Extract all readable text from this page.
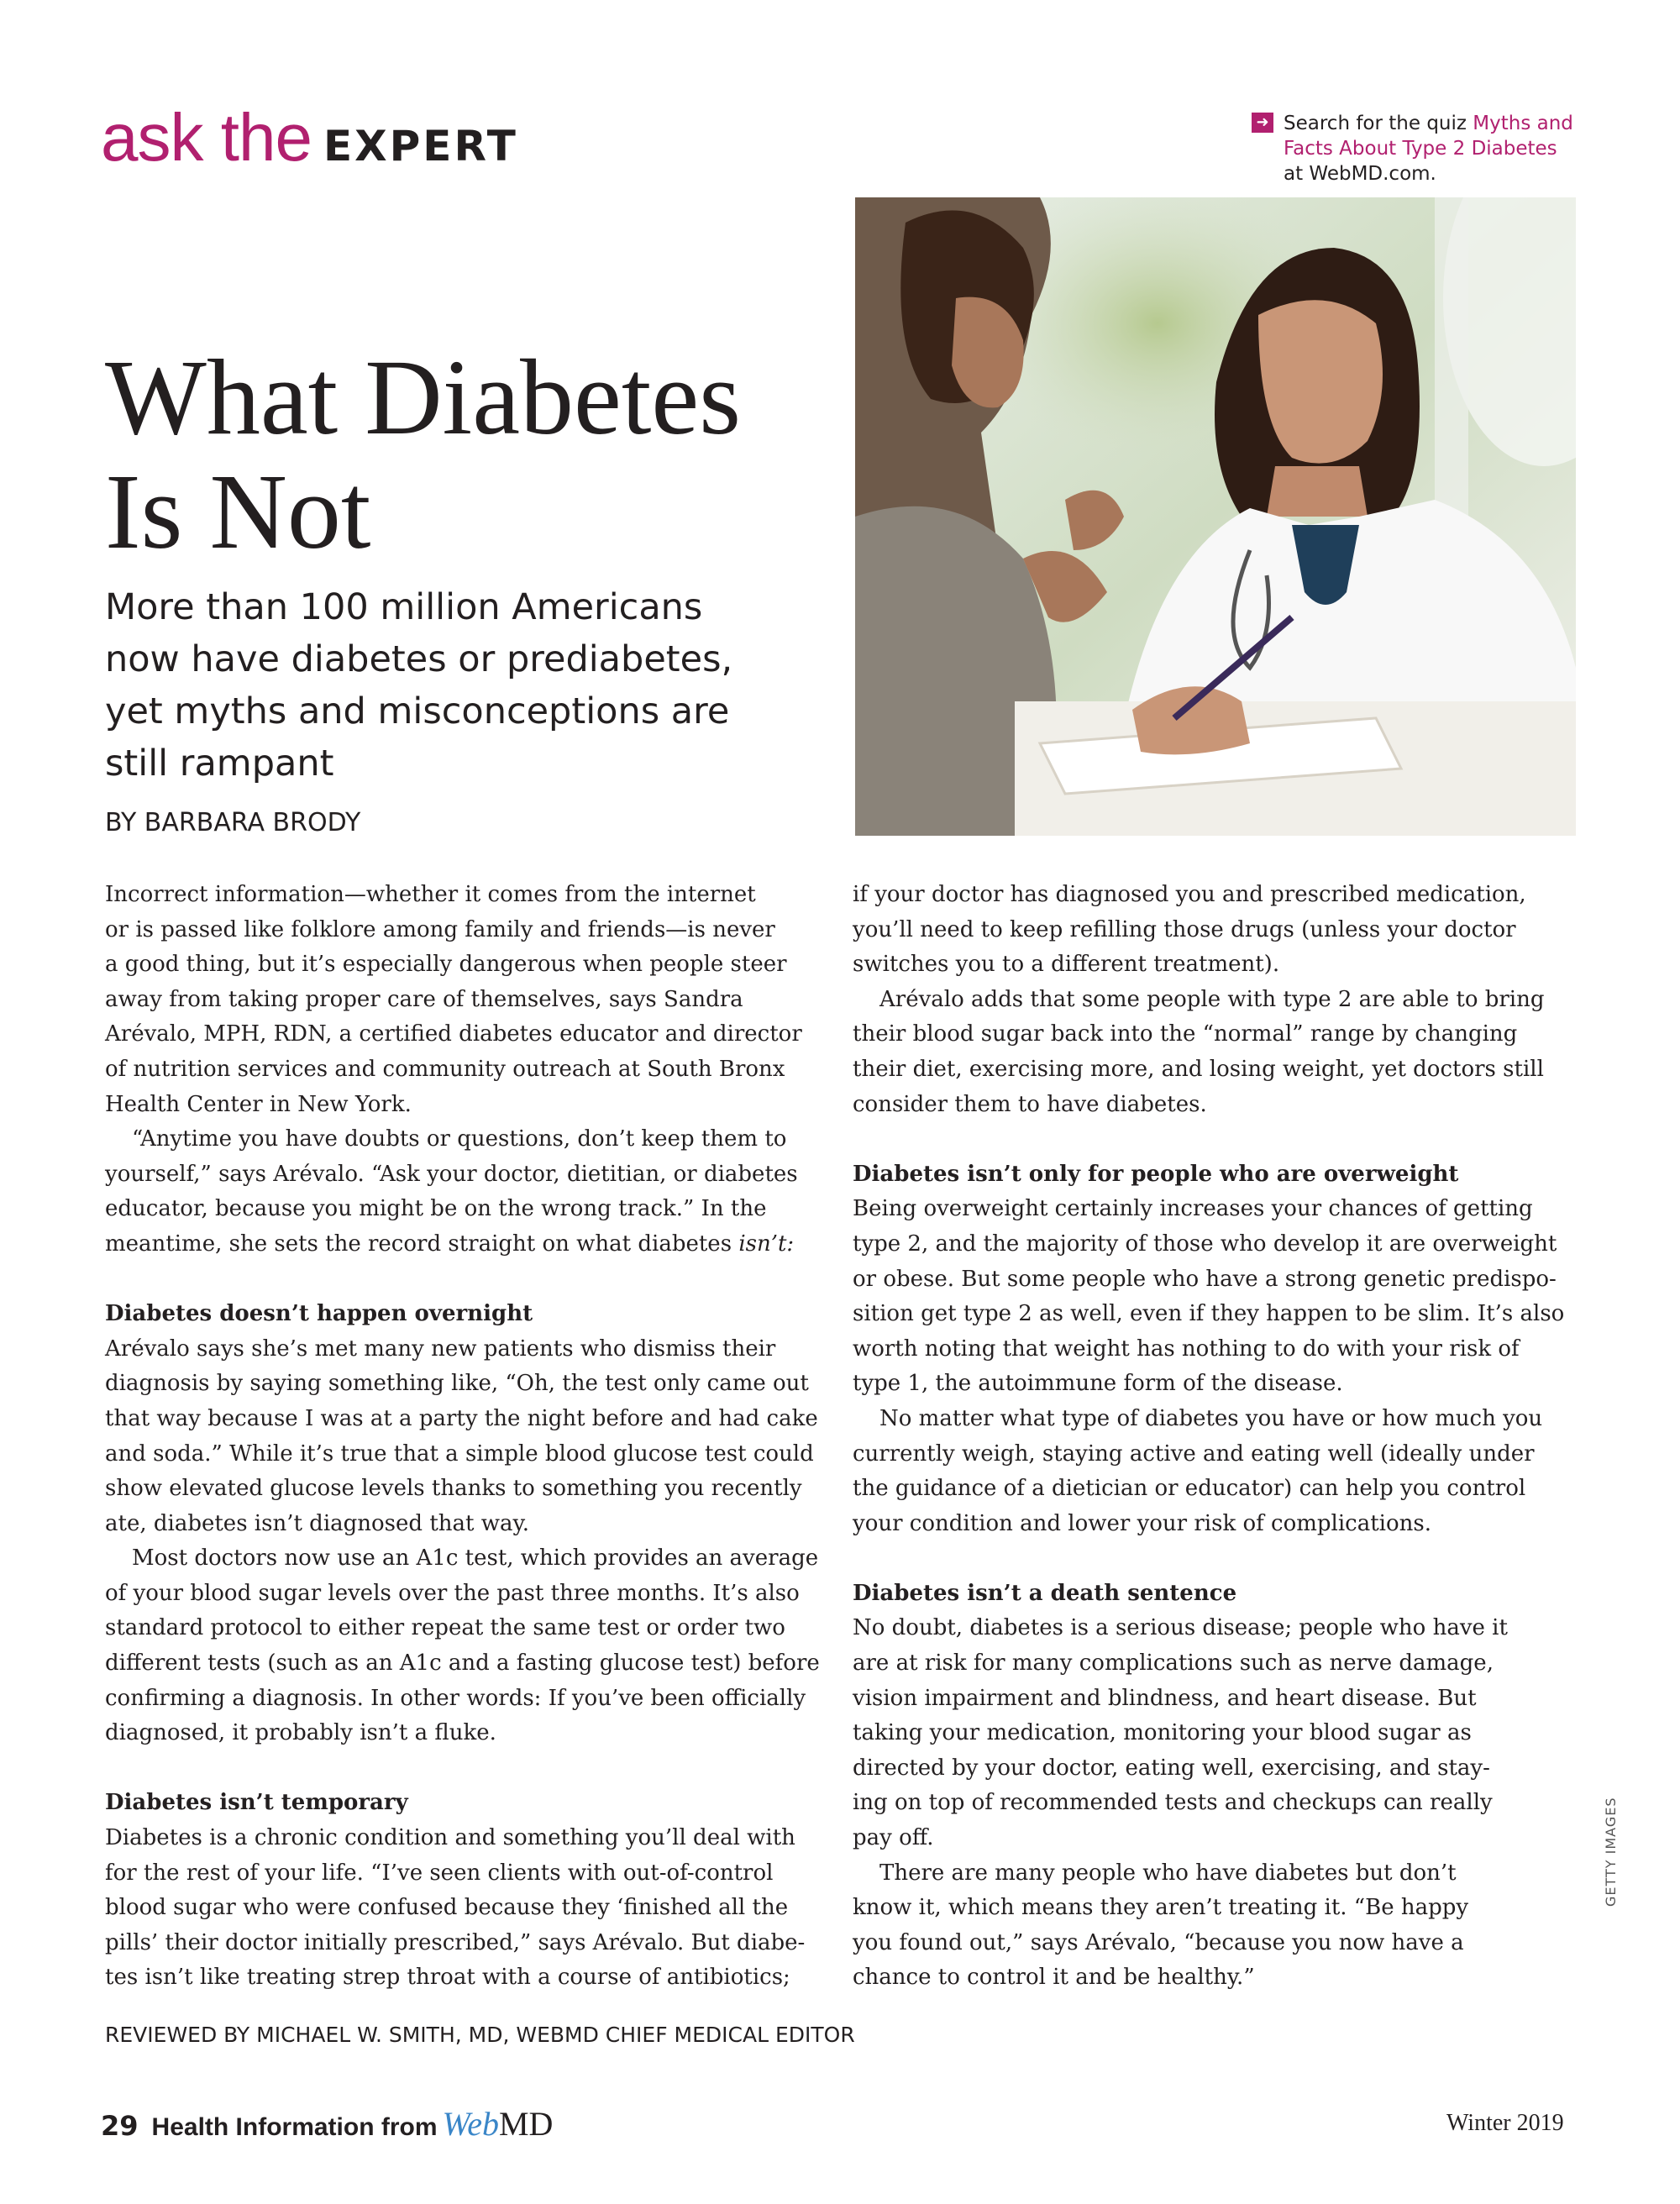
ask the EXPERT	➜ Search for the quiz Myths and
Facts About Type 2 Diabetes
at WebMD.com.
What Diabetes
Is Not
More than 100 million Americans
now have diabetes or prediabetes,
yet myths and misconceptions are
still rampant
BY BARBARA BRODY
Incorrect information—whether it comes from the internet
or is passed like folklore among family and friends—is never
a good thing, but it’s especially dangerous when people steer
away from taking proper care of themselves, says Sandra
Arévalo, MPH, RDN, a certified diabetes educator and director
of nutrition services and community outreach at South Bronx
Health Center in New York.
“Anytime you have doubts or questions, don’t keep them to
yourself,” says Arévalo. “Ask your doctor, dietitian, or diabetes
educator, because you might be on the wrong track.” In the
meantime, she sets the record straight on what diabetes isn’t:
Diabetes doesn’t happen overnight
Arévalo says she’s met many new patients who dismiss their
diagnosis by saying something like, “Oh, the test only came out
that way because I was at a party the night before and had cake
and soda.” While it’s true that a simple blood glucose test could
show elevated glucose levels thanks to something you recently
ate, diabetes isn’t diagnosed that way.
Most doctors now use an A1c test, which provides an average
of your blood sugar levels over the past three months. It’s also
standard protocol to either repeat the same test or order two
different tests (such as an A1c and a fasting glucose test) before
confirming a diagnosis. In other words: If you’ve been officially
diagnosed, it probably isn’t a fluke.
Diabetes isn’t temporary
Diabetes is a chronic condition and something you’ll deal with
for the rest of your life. “I’ve seen clients with out-of-control
blood sugar who were confused because they ‘finished all the
pills’ their doctor initially prescribed,” says Arévalo. But diabe-
tes isn’t like treating strep throat with a course of antibiotics;
if your doctor has diagnosed you and prescribed medication,
you’ll need to keep refilling those drugs (unless your doctor
switches you to a different treatment).
Arévalo adds that some people with type 2 are able to bring
their blood sugar back into the “normal” range by changing
their diet, exercising more, and losing weight, yet doctors still
consider them to have diabetes.
Diabetes isn’t only for people who are overweight
Being overweight certainly increases your chances of getting
type 2, and the majority of those who develop it are overweight
or obese. But some people who have a strong genetic predispo-
sition get type 2 as well, even if they happen to be slim. It’s also
worth noting that weight has nothing to do with your risk of
type 1, the autoimmune form of the disease.
No matter what type of diabetes you have or how much you
currently weigh, staying active and eating well (ideally under
the guidance of a dietician or educator) can help you control
your condition and lower your risk of complications.
Diabetes isn’t a death sentence
No doubt, diabetes is a serious disease; people who have it
are at risk for many complications such as nerve damage,
vision impairment and blindness, and heart disease. But
taking your medication, monitoring your blood sugar as
directed by your doctor, eating well, exercising, and stay-
ing on top of recommended tests and checkups can really
pay off.
There are many people who have diabetes but don’t
know it, which means they aren’t treating it. “Be happy
you found out,” says Arévalo, “because you now have a
chance to control it and be healthy.”
REVIEWED BY MICHAEL W. SMITH, MD, WEBMD CHIEF MEDICAL EDITOR
GETTY IMAGES
29 Health Information from WebMD	Winter 2019
